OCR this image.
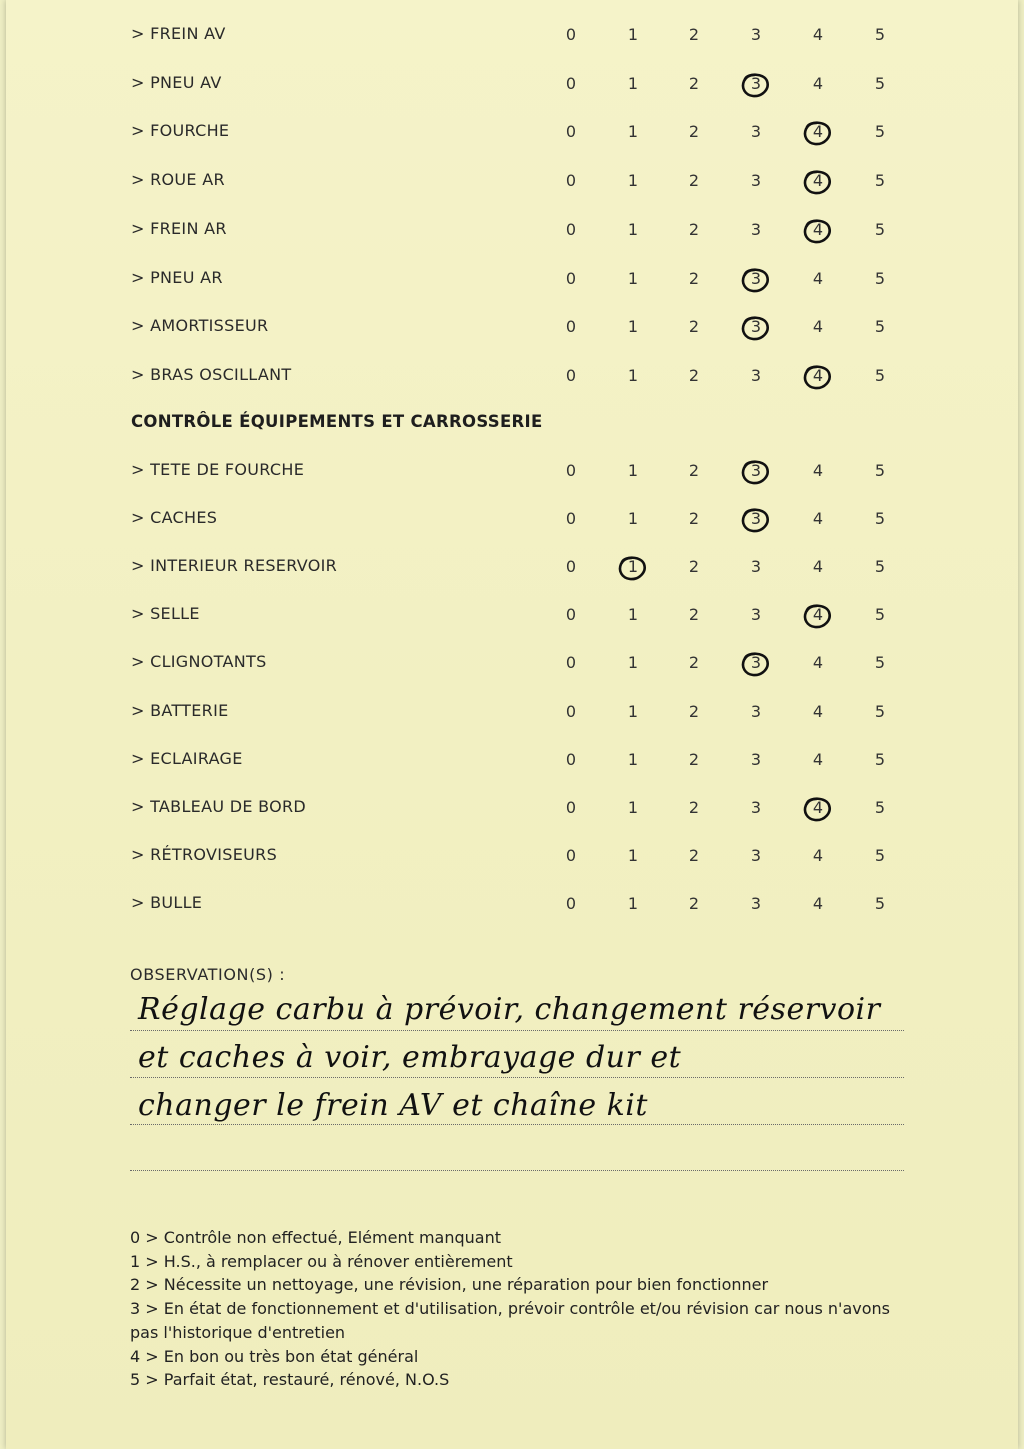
> FREIN AV	0	1	2	3	4	5
> PNEU AV	0	1	2	3	4	5
> FOURCHE	0	1	2	3	4	5
> ROUE AR	0	1	2	3	4	5
> FREIN AR	0	1	2	3	4	5
> PNEU AR	0	1	2	3	4	5
> AMORTISSEUR	0	1	2	3	4	5
> BRAS OSCILLANT	0	1	2	3	4	5
> TETE DE FOURCHE	0	1	2	3	4	5
> CACHES	0	1	2	3	4	5
> INTERIEUR RESERVOIR	0	1	2	3	4	5
> SELLE	0	1	2	3	4	5
> CLIGNOTANTS	0	1	2	3	4	5
> BATTERIE	0	1	2	3	4	5
> ECLAIRAGE	0	1	2	3	4	5
> TABLEAU DE BORD	0	1	2	3	4	5
> RÉTROVISEURS	0	1	2	3	4	5
> BULLE	0	1	2	3	4	5
CONTRÔLE ÉQUIPEMENTS ET CARROSSERIE
OBSERVATION(S) :
Réglage carbu à prévoir, changement réservoir
et caches à voir, embrayage dur et
changer le frein AV et chaîne kit
0 > Contrôle non effectué, Elément manquant
1 > H.S., à remplacer ou à rénover entièrement
2 > Nécessite un nettoyage, une révision, une réparation pour bien fonctionner
3 > En état de fonctionnement et d'utilisation, prévoir contrôle et/ou révision car nous n'avons pas l'historique d'entretien
4 > En bon ou très bon état général
5 > Parfait état, restauré, rénové, N.O.S
